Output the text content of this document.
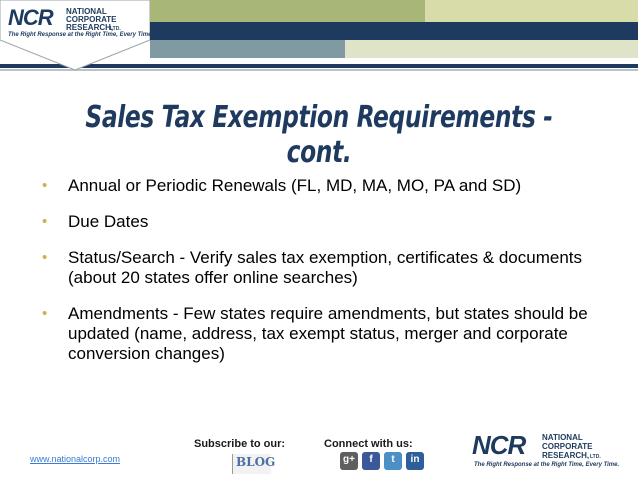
NCR NATIONAL
CORPORATE
RESEARCH,
LTD.
The Right Response at the Right Time, Every Time.
Sales Tax Exemption Requirements - cont.
• Annual or Periodic Renewals (FL, MD, MA, MO, PA and SD)
• Due Dates
• Status/Search - Verify sales tax exemption, certificates & documents (about 20 states offer online searches)
• Amendments - Few states require amendments, but states should be updated (name, address, tax exempt status, merger and corporate conversion changes)
www.nationalcorp.com
Subscribe to our:
BLOG
Connect with us:
g+	f	t	in NCR NATIONAL
CORPORATE
RESEARCH, LTD.
The Right Response at the Right Time, Every Time.
